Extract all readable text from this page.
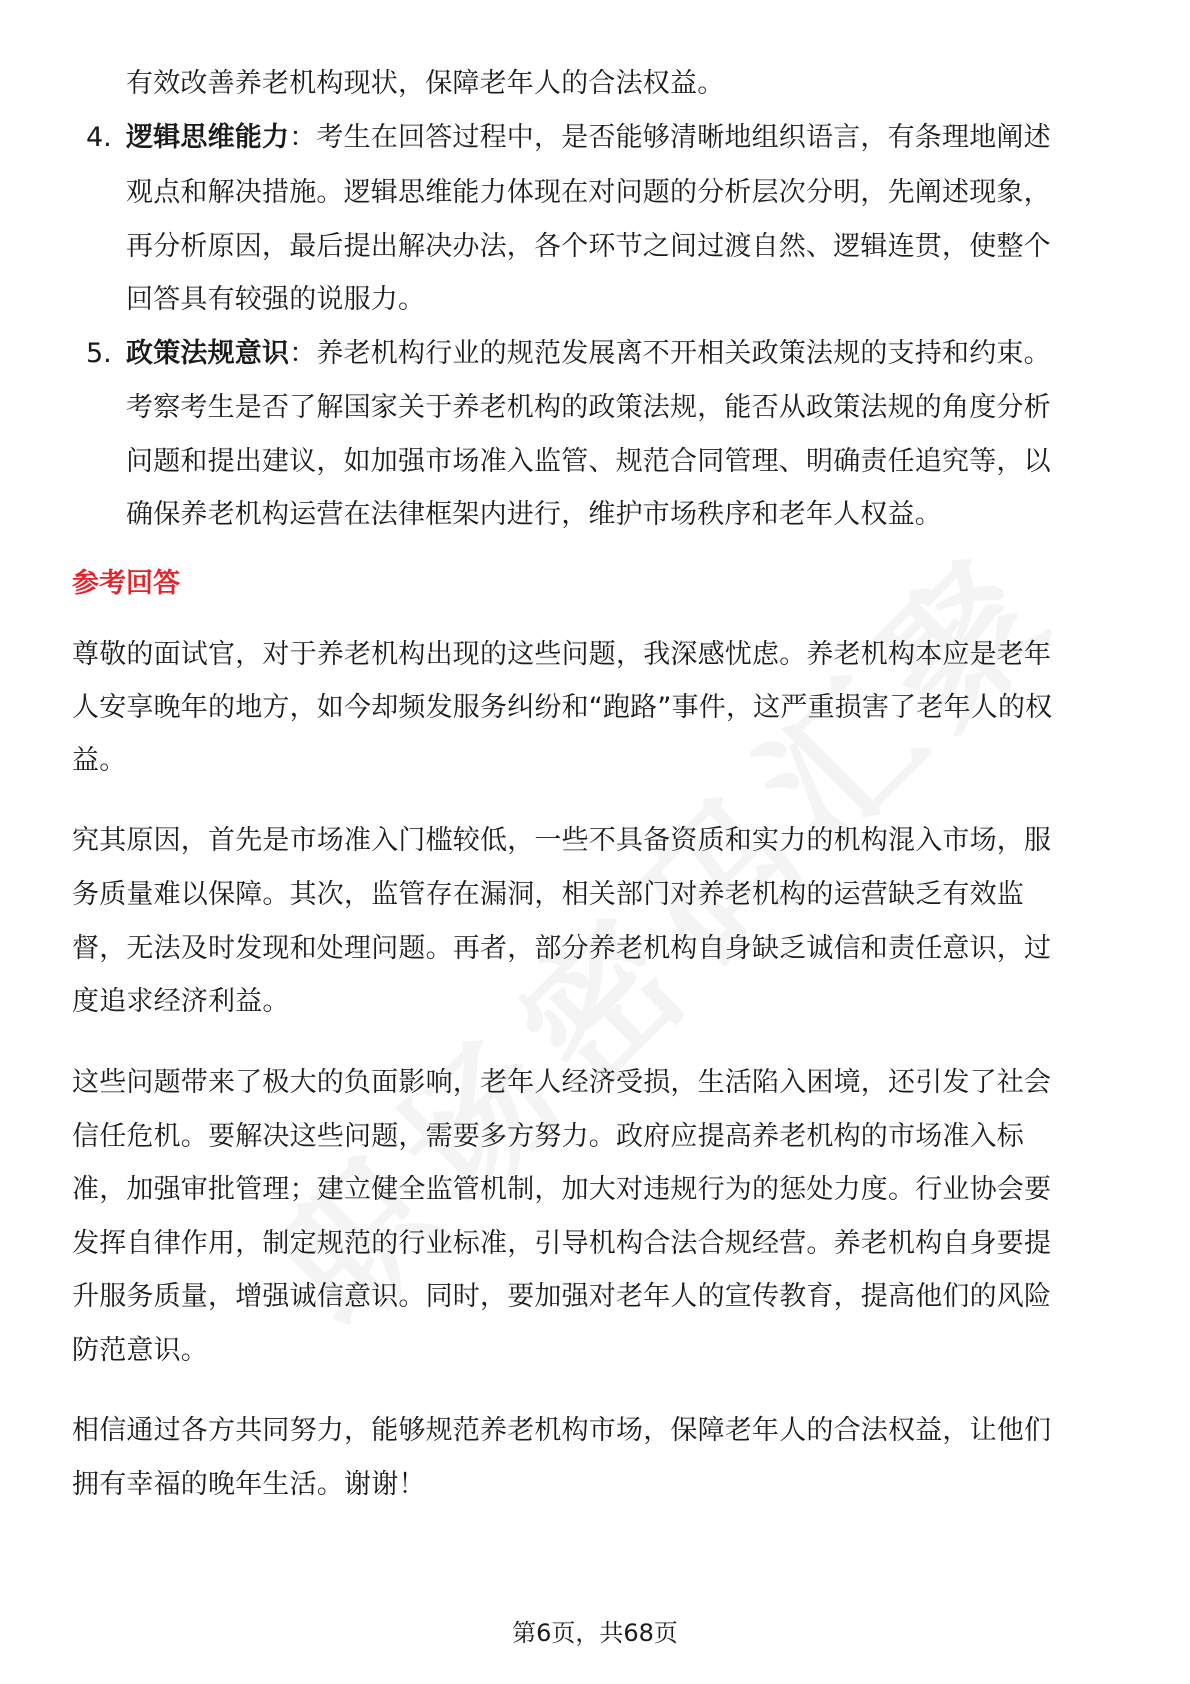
有效改善养老机构现状，保障老年人的合法权益。
4. 逻辑思维能力：考生在回答过程中，是否能够清晰地组织语言，有条理地阐述
观点和解决措施。逻辑思维能力体现在对问题的分析层次分明，先阐述现象，
再分析原因，最后提出解决办法，各个环节之间过渡自然、逻辑连贯，使整个
回答具有较强的说服力。
5. 政策法规意识：养老机构行业的规范发展离不开相关政策法规的支持和约束。
考察考生是否了解国家关于养老机构的政策法规，能否从政策法规的角度分析
问题和提出建议，如加强市场准入监管、规范合同管理、明确责任追究等，以
确保养老机构运营在法律框架内进行，维护市场秩序和老年人权益。
参考回答
尊敬的面试官，对于养老机构出现的这些问题，我深感忧虑。养老机构本应是老年
人安享晚年的地方，如今却频发服务纠纷和“跑路”事件，这严重损害了老年人的权
益。
究其原因，首先是市场准入门槛较低，一些不具备资质和实力的机构混入市场，服
务质量难以保障。其次，监管存在漏洞，相关部门对养老机构的运营缺乏有效监
督，无法及时发现和处理问题。再者，部分养老机构自身缺乏诚信和责任意识，过
度追求经济利益。
这些问题带来了极大的负面影响，老年人经济受损，生活陷入困境，还引发了社会
信任危机。要解决这些问题，需要多方努力。政府应提高养老机构的市场准入标
准，加强审批管理；建立健全监管机制，加大对违规行为的惩处力度。行业协会要
发挥自律作用，制定规范的行业标准，引导机构合法合规经营。养老机构自身要提
升服务质量，增强诚信意识。同时，要加强对老年人的宣传教育，提高他们的风险
防范意识。
相信通过各方共同努力，能够规范养老机构市场，保障老年人的合法权益，让他们
拥有幸福的晚年生活。谢谢！
第6页，共68页
